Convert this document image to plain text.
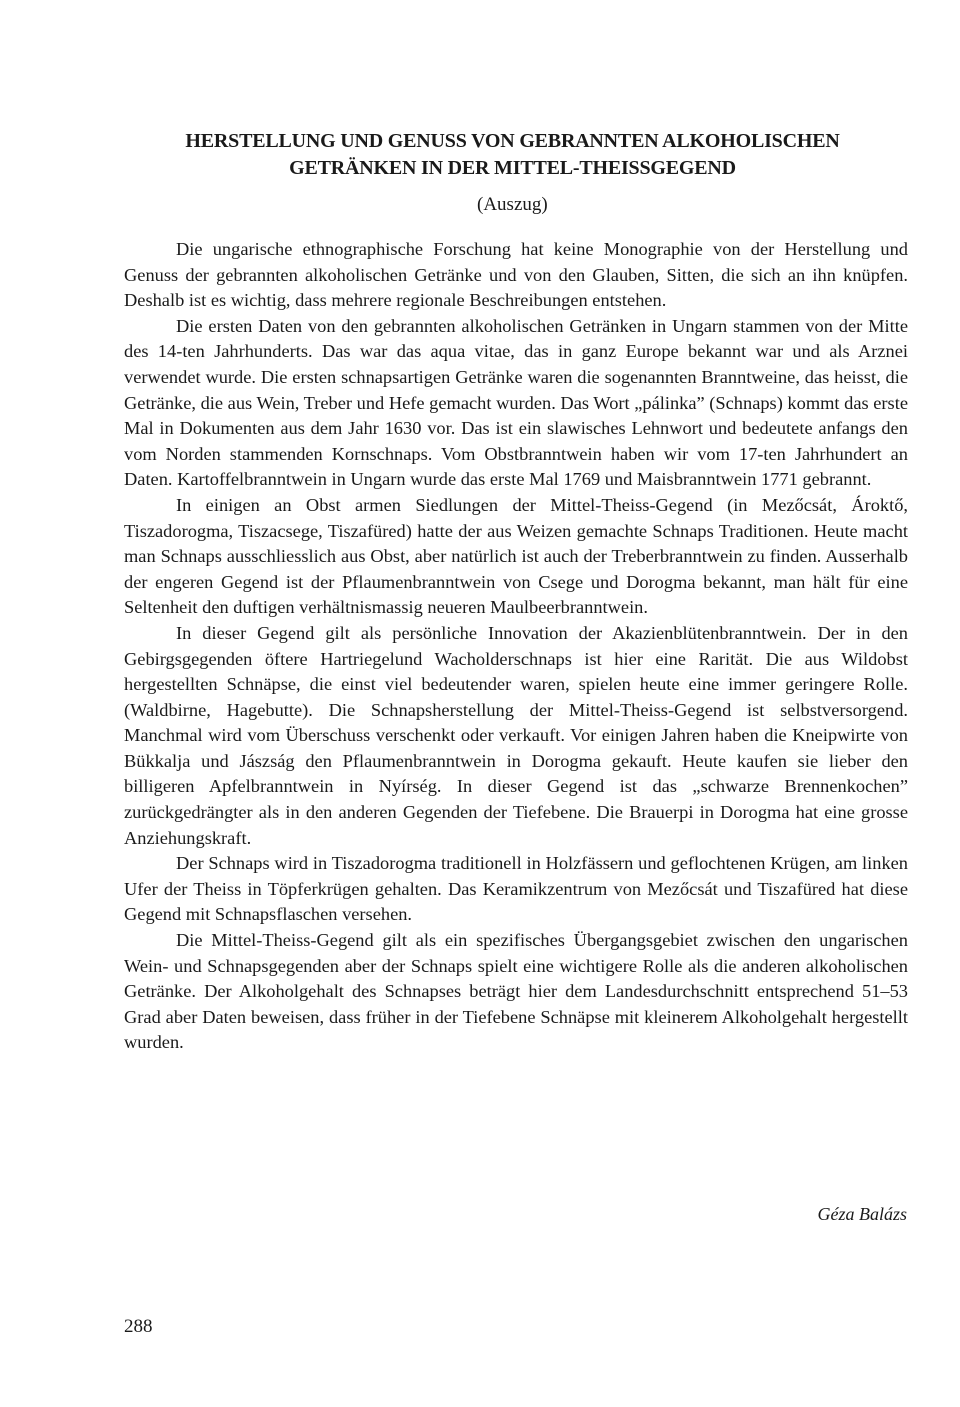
HERSTELLUNG UND GENUSS VON GEBRANNTEN ALKOHOLISCHEN
GETRÄNKEN IN DER MITTEL-THEISSGEGEND
(Auszug)

Die ungarische ethnographische Forschung hat keine Monographie von der Herstellung und Genuss der gebrannten alkoholischen Getränke und von den Glauben, Sitten, die sich an ihn knüpfen. Deshalb ist es wichtig, dass mehrere regionale Beschreibungen entstehen.

Die ersten Daten von den gebrannten alkoholischen Getränken in Ungarn stammen von der Mitte des 14-ten Jahrhunderts. Das war das aqua vitae, das in ganz Europe bekannt war und als Arznei verwendet wurde. Die ersten schnapsartigen Getränke waren die sogenannten Branntweine, das heisst, die Getränke, die aus Wein, Treber und Hefe gemacht wurden. Das Wort „pálinka” (Schnaps) kommt das erste Mal in Dokumenten aus dem Jahr 1630 vor. Das ist ein slawisches Lehnwort und bedeutete anfangs den vom Norden stammenden Kornschnaps. Vom Obstbranntwein haben wir vom 17-ten Jahrhundert an Daten. Kartoffelbranntwein in Ungarn wurde das erste Mal 1769 und Maisbranntwein 1771 gebrannt.

In einigen an Obst armen Siedlungen der Mittel-Theiss-Gegend (in Mezőcsát, Ároktő, Tiszadorogma, Tiszacsege, Tiszafüred) hatte der aus Weizen gemachte Schnaps Traditionen. Heute macht man Schnaps ausschliesslich aus Obst, aber natürlich ist auch der Treberbranntwein zu finden. Ausserhalb der engeren Gegend ist der Pflaumenbranntwein von Csege und Dorogma bekannt, man hält für eine Seltenheit den duftigen verhältnismassig neueren Maulbeerbranntwein.

In dieser Gegend gilt als persönliche Innovation der Akazienblütenbranntwein. Der in den Gebirgsgegenden öftere Hartriegelund Wacholderschnaps ist hier eine Rarität. Die aus Wildobst hergestellten Schnäpse, die einst viel bedeutender waren, spielen heute eine immer geringere Rolle. (Waldbirne, Hagebutte). Die Schnapsherstellung der Mittel-Theiss-Gegend ist selbstversorgend. Manchmal wird vom Überschuss verschenkt oder verkauft. Vor einigen Jahren haben die Kneipwirte von Bükkalja und Jászság den Pflaumenbranntwein in Dorogma gekauft. Heute kaufen sie lieber den billigeren Apfelbranntwein in Nyírség. In dieser Gegend ist das „schwarze Brennenkochen” zurückgedrängter als in den anderen Gegenden der Tiefebene. Die Brauerpi in Dorogma hat eine grosse Anziehungskraft.

Der Schnaps wird in Tiszadorogma traditionell in Holzfässern und geflochtenen Krügen, am linken Ufer der Theiss in Töpferkrügen gehalten. Das Keramikzentrum von Mezőcsát und Tiszafüred hat diese Gegend mit Schnapsflaschen versehen.

Die Mittel-Theiss-Gegend gilt als ein spezifisches Übergangsgebiet zwischen den ungarischen Wein- und Schnapsgegenden aber der Schnaps spielt eine wichtigere Rolle als die anderen alkoholischen Getränke. Der Alkoholgehalt des Schnapses beträgt hier dem Landesdurchschnitt entsprechend 51–53 Grad aber Daten beweisen, dass früher in der Tiefebene Schnäpse mit kleinerem Alkoholgehalt hergestellt wurden.

Géza Balázs
288
